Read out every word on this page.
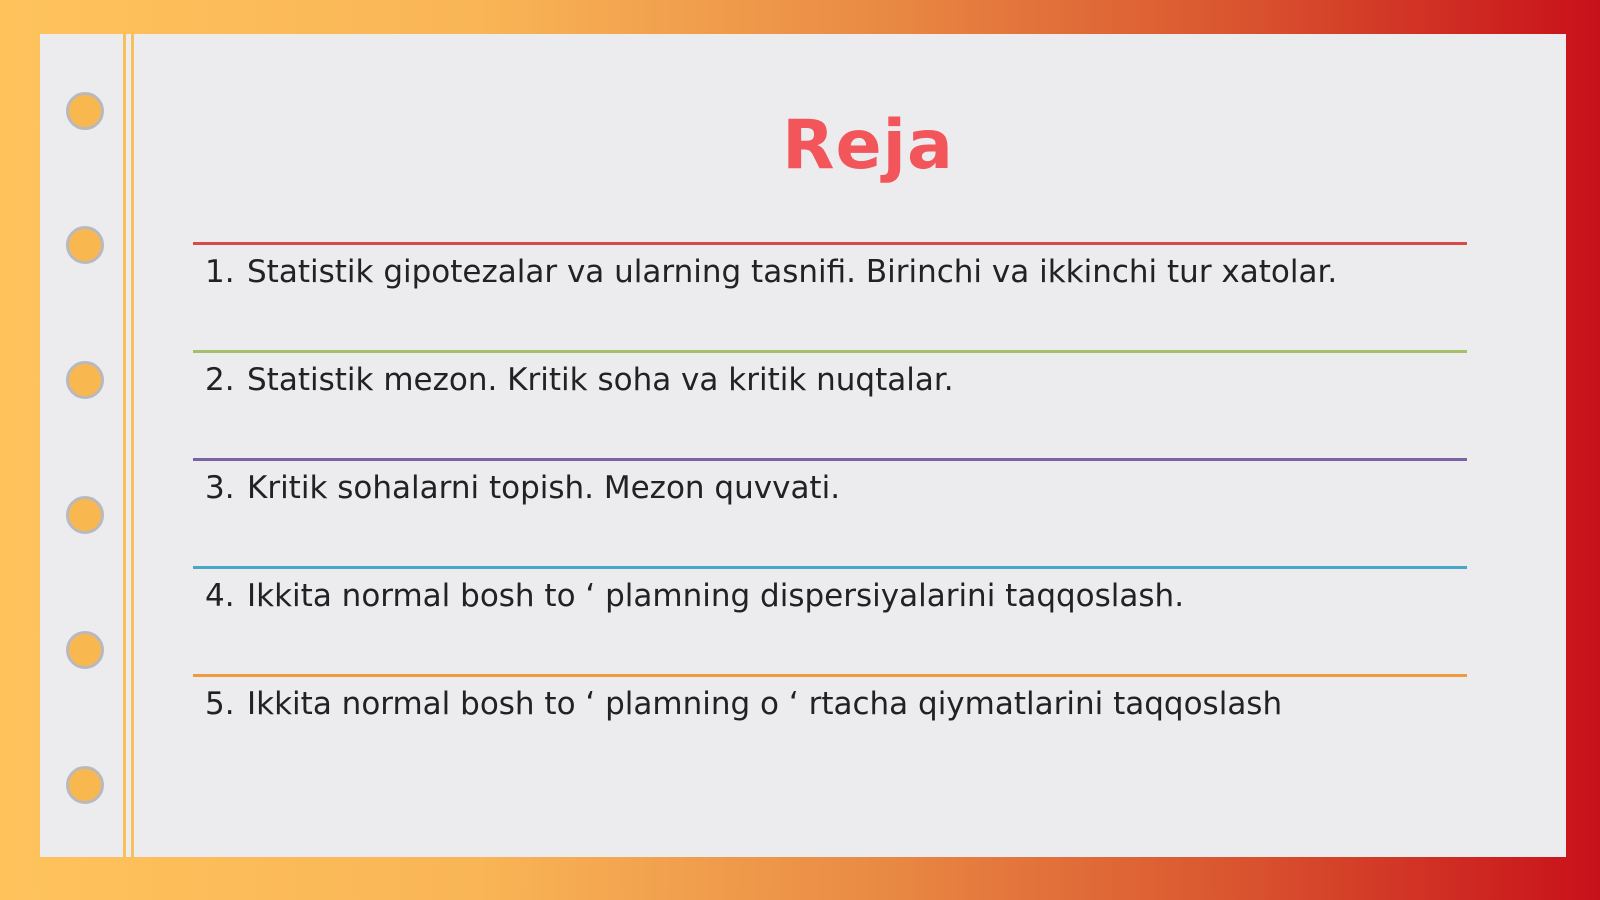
Reja
1. Statistik gipotezalar va ularning tasnifi. Birinchi va ikkinchi tur xatolar.
2. Statistik mezon. Kritik soha va kritik nuqtalar.
3. Kritik sohalarni topish. Mezon quvvati.
4. Ikkita normal bosh to ʻ plamning dispersiyalarini taqqoslash.
5. Ikkita normal bosh to ʻ plamning o ʻ rtacha qiymatlarini taqqoslash
